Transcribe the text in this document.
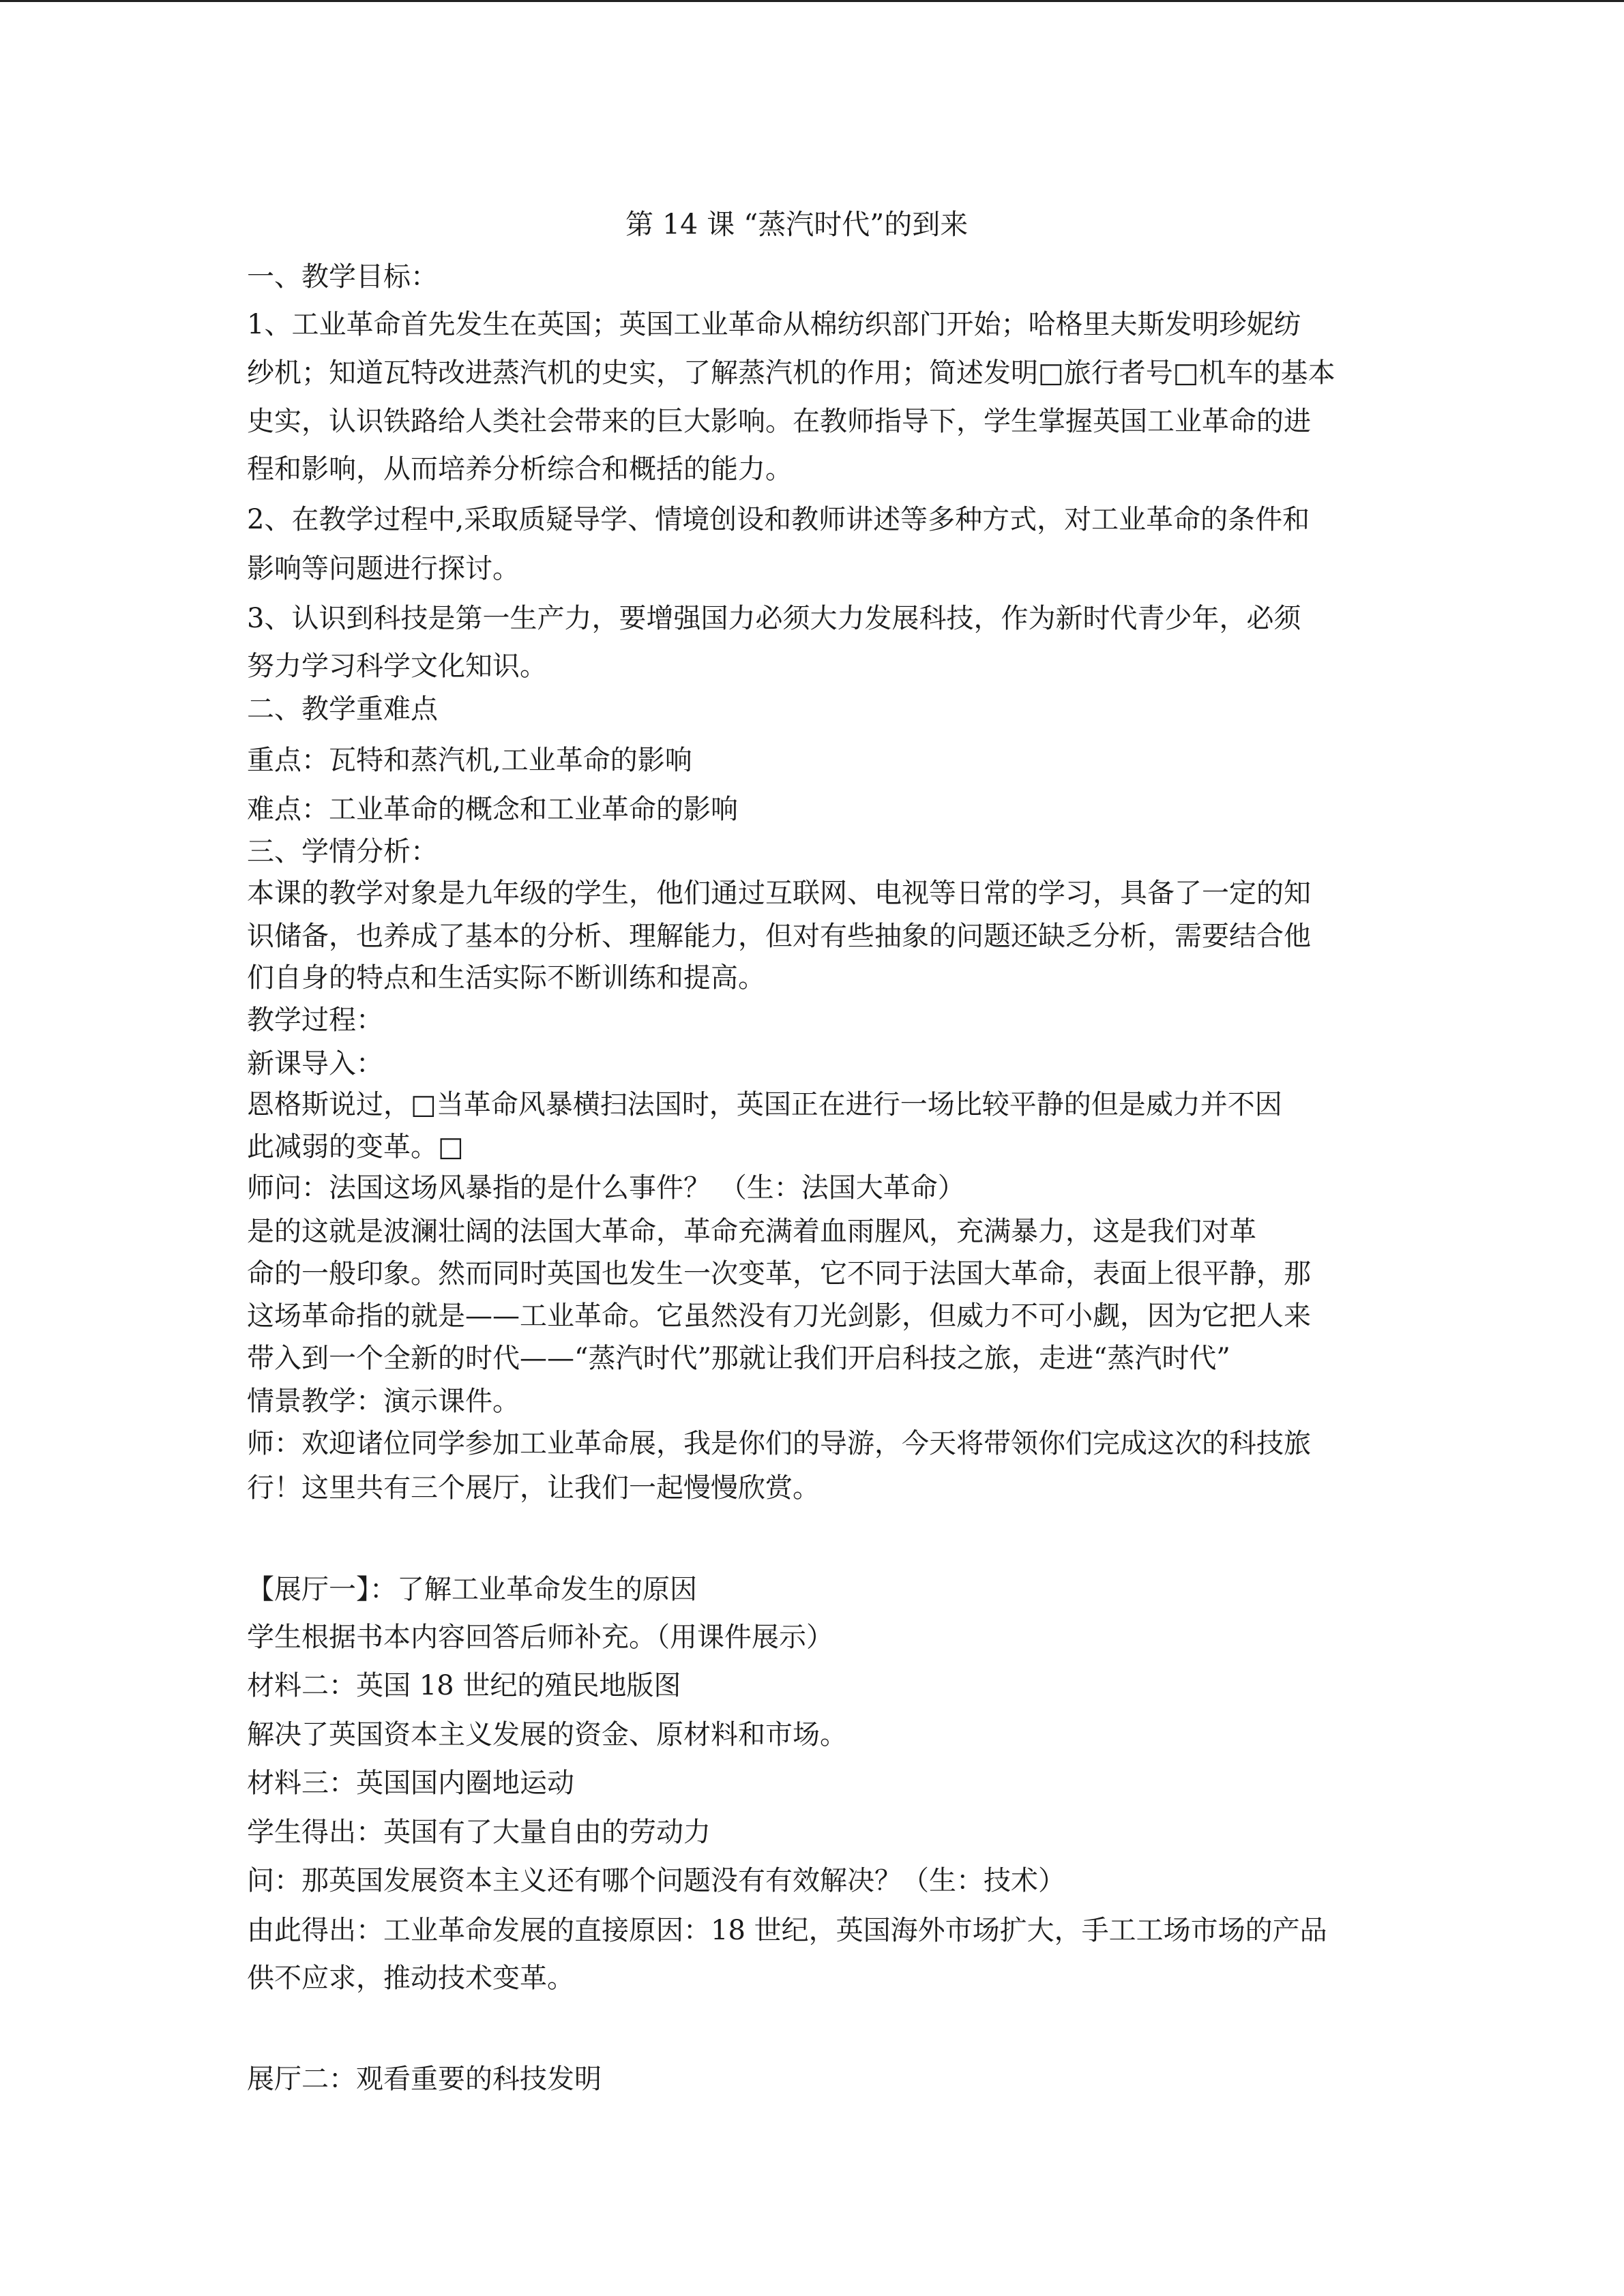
第 14 课 “蒸汽时代”的到来
一、教学目标：
1、工业革命首先发生在英国；英国工业革命从棉纺织部门开始；哈格里夫斯发明珍妮纺
纱机；知道瓦特改进蒸汽机的史实，了解蒸汽机的作用；简述发明□旅行者号□机车的基本
史实，认识铁路给人类社会带来的巨大影响。在教师指导下，学生掌握英国工业革命的进
程和影响，从而培养分析综合和概括的能力。
2、在教学过程中,采取质疑导学、情境创设和教师讲述等多种方式，对工业革命的条件和
影响等问题进行探讨。
3、认识到科技是第一生产力，要增强国力必须大力发展科技，作为新时代青少年，必须
努力学习科学文化知识。
二、教学重难点
重点：瓦特和蒸汽机,工业革命的影响
难点：工业革命的概念和工业革命的影响
三、学情分析：
本课的教学对象是九年级的学生，他们通过互联网、电视等日常的学习，具备了一定的知
识储备，也养成了基本的分析、理解能力，但对有些抽象的问题还缺乏分析，需要结合他
们自身的特点和生活实际不断训练和提高。
教学过程：
新课导入：
恩格斯说过，□当革命风暴横扫法国时，英国正在进行一场比较平静的但是威力并不因
此减弱的变革。□
师问：法国这场风暴指的是什么事件？ （生：法国大革命）
是的这就是波澜壮阔的法国大革命，革命充满着血雨腥风，充满暴力，这是我们对革
命的一般印象。然而同时英国也发生一次变革，它不同于法国大革命，表面上很平静，那
这场革命指的就是——工业革命。它虽然没有刀光剑影，但威力不可小觑，因为它把人来
带入到一个全新的时代——“蒸汽时代”那就让我们开启科技之旅，走进“蒸汽时代”
情景教学：演示课件。
师：欢迎诸位同学参加工业革命展，我是你们的导游，今天将带领你们完成这次的科技旅
行！这里共有三个展厅，让我们一起慢慢欣赏。
【展厅一】：了解工业革命发生的原因
学生根据书本内容回答后师补充。（用课件展示）
材料二：英国 18 世纪的殖民地版图
解决了英国资本主义发展的资金、原材料和市场。
材料三：英国国内圈地运动
学生得出：英国有了大量自由的劳动力
问：那英国发展资本主义还有哪个问题没有有效解决？（生：技术）
由此得出：工业革命发展的直接原因：18 世纪，英国海外市场扩大，手工工场市场的产品
供不应求，推动技术变革。
展厅二：观看重要的科技发明
